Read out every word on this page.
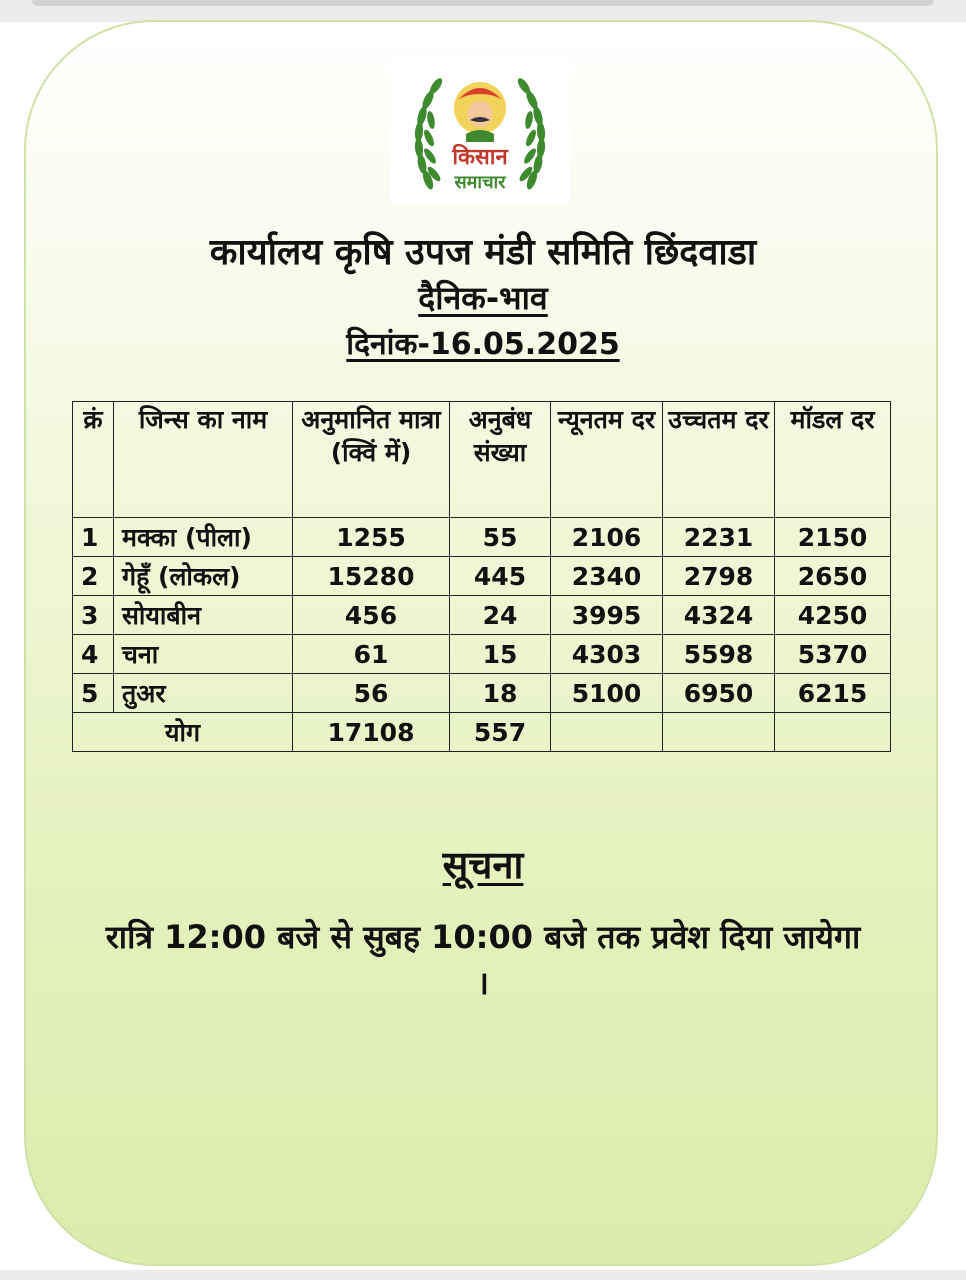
किसान
समाचार
कार्यालय कृषि उपज मंडी समिति छिंदवाडा
दैनिक-भाव
दिनांक-16.05.2025
क्रं	जिन्स का नाम	अनुमानित मात्रा (क्विं में)	अनुबंध संख्या	न्यूनतम दर	उच्चतम दर	मॉडल दर
1	मक्का (पीला)	1255	55	2106	2231	2150
2	गेहूँ (लोकल)	15280	445	2340	2798	2650
3	सोयाबीन	456	24	3995	4324	4250
4	चना	61	15	4303	5598	5370
5	तुअर	56	18	5100	6950	6215
योग		17108	557			
सूचना
रात्रि 12:00 बजे से सुबह 10:00 बजे तक प्रवेश दिया जायेगा ।
